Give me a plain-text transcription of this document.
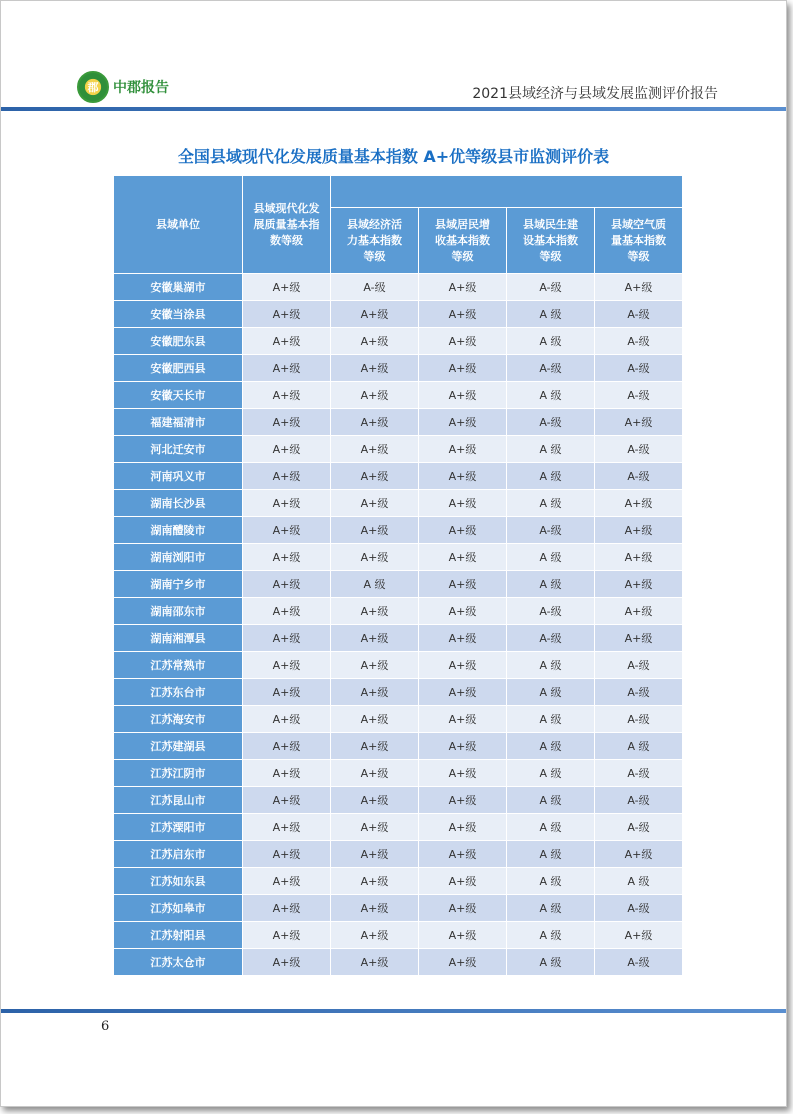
郡 中郡报告	2021县域经济与县域发展监测评价报告
全国县域现代化发展质量基本指数 A+优等级县市监测评价表
县域单位	县域现代化发展质量基本指数等级				
		县域经济活力基本指数等级	县域居民增收基本指数等级	县域民生建设基本指数等级	县域空气质量基本指数等级
安徽巢湖市	A+级	A-级	A+级	A-级	A+级
安徽当涂县	A+级	A+级	A+级	A 级	A-级
安徽肥东县	A+级	A+级	A+级	A 级	A-级
安徽肥西县	A+级	A+级	A+级	A-级	A-级
安徽天长市	A+级	A+级	A+级	A 级	A-级
福建福清市	A+级	A+级	A+级	A-级	A+级
河北迁安市	A+级	A+级	A+级	A 级	A-级
河南巩义市	A+级	A+级	A+级	A 级	A-级
湖南长沙县	A+级	A+级	A+级	A 级	A+级
湖南醴陵市	A+级	A+级	A+级	A-级	A+级
湖南浏阳市	A+级	A+级	A+级	A 级	A+级
湖南宁乡市	A+级	A 级	A+级	A 级	A+级
湖南邵东市	A+级	A+级	A+级	A-级	A+级
湖南湘潭县	A+级	A+级	A+级	A-级	A+级
江苏常熟市	A+级	A+级	A+级	A 级	A-级
江苏东台市	A+级	A+级	A+级	A 级	A-级
江苏海安市	A+级	A+级	A+级	A 级	A-级
江苏建湖县	A+级	A+级	A+级	A 级	A 级
江苏江阴市	A+级	A+级	A+级	A 级	A-级
江苏昆山市	A+级	A+级	A+级	A 级	A-级
江苏溧阳市	A+级	A+级	A+级	A 级	A-级
江苏启东市	A+级	A+级	A+级	A 级	A+级
江苏如东县	A+级	A+级	A+级	A 级	A 级
江苏如皋市	A+级	A+级	A+级	A 级	A-级
江苏射阳县	A+级	A+级	A+级	A 级	A+级
江苏太仓市	A+级	A+级	A+级	A 级	A-级
6
